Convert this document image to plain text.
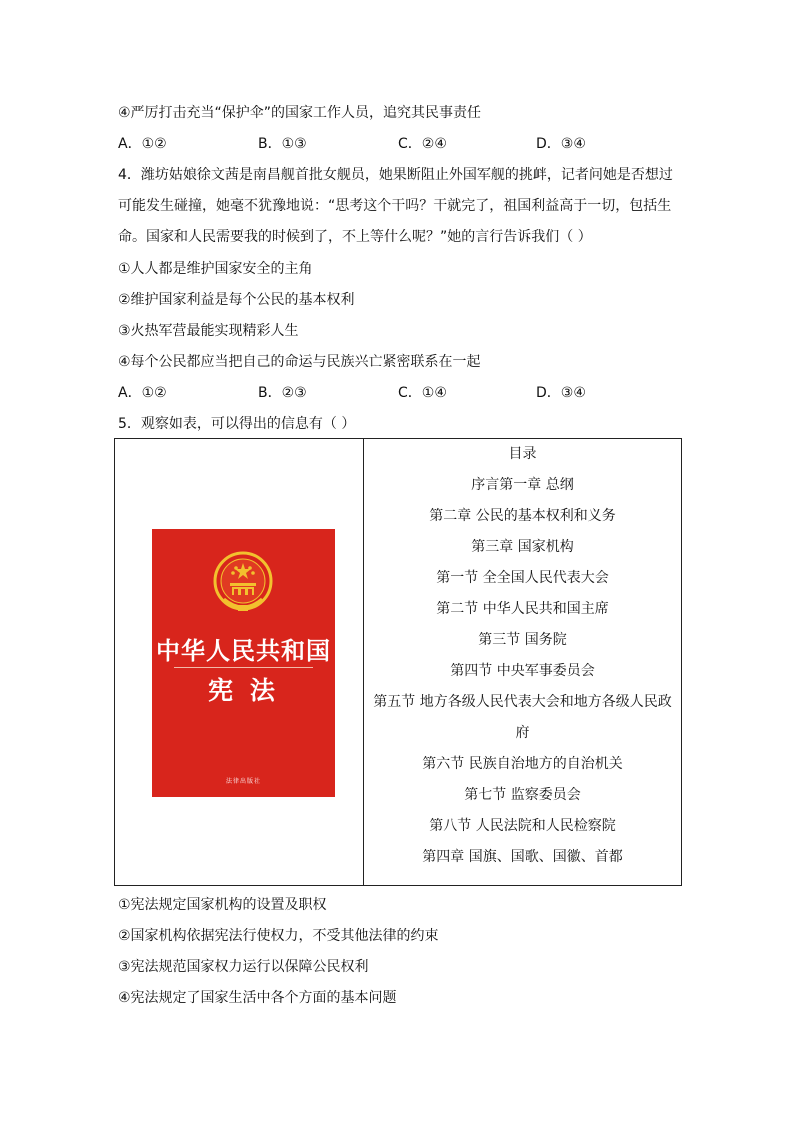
④严厉打击充当“保护伞”的国家工作人员，追究其民事责任
A．①②	B．①③	C．②④	D．③④
4．潍坊姑娘徐文茜是南昌舰首批女舰员，她果断阻止外国军舰的挑衅，记者问她是否想过可能发生碰撞，她毫不犹豫地说：“思考这个干吗？干就完了，祖国利益高于一切，包括生命。国家和人民需要我的时候到了，不上等什么呢？”她的言行告诉我们（ ）
①人人都是维护国家安全的主角
②维护国家利益是每个公民的基本权利
③火热军营最能实现精彩人生
④每个公民都应当把自己的命运与民族兴亡紧密联系在一起
A．①②	B．②③	C．①④	D．③④
5．观察如表，可以得出的信息有（ ）
中华人民共和国
宪 法
法律出版社

目录
序言第一章 总纲
第二章 公民的基本权利和义务
第三章 国家机构
第一节 全全国人民代表大会
第二节 中华人民共和国主席
第三节 国务院
第四节 中央军事委员会
第五节 地方各级人民代表大会和地方各级人民政
府
第六节 民族自治地方的自治机关
第七节 监察委员会
第八节 人民法院和人民检察院
第四章 国旗、国歌、国徽、首都
①宪法规定国家机构的设置及职权
②国家机构依据宪法行使权力，不受其他法律的约束
③宪法规范国家权力运行以保障公民权利
④宪法规定了国家生活中各个方面的基本问题
